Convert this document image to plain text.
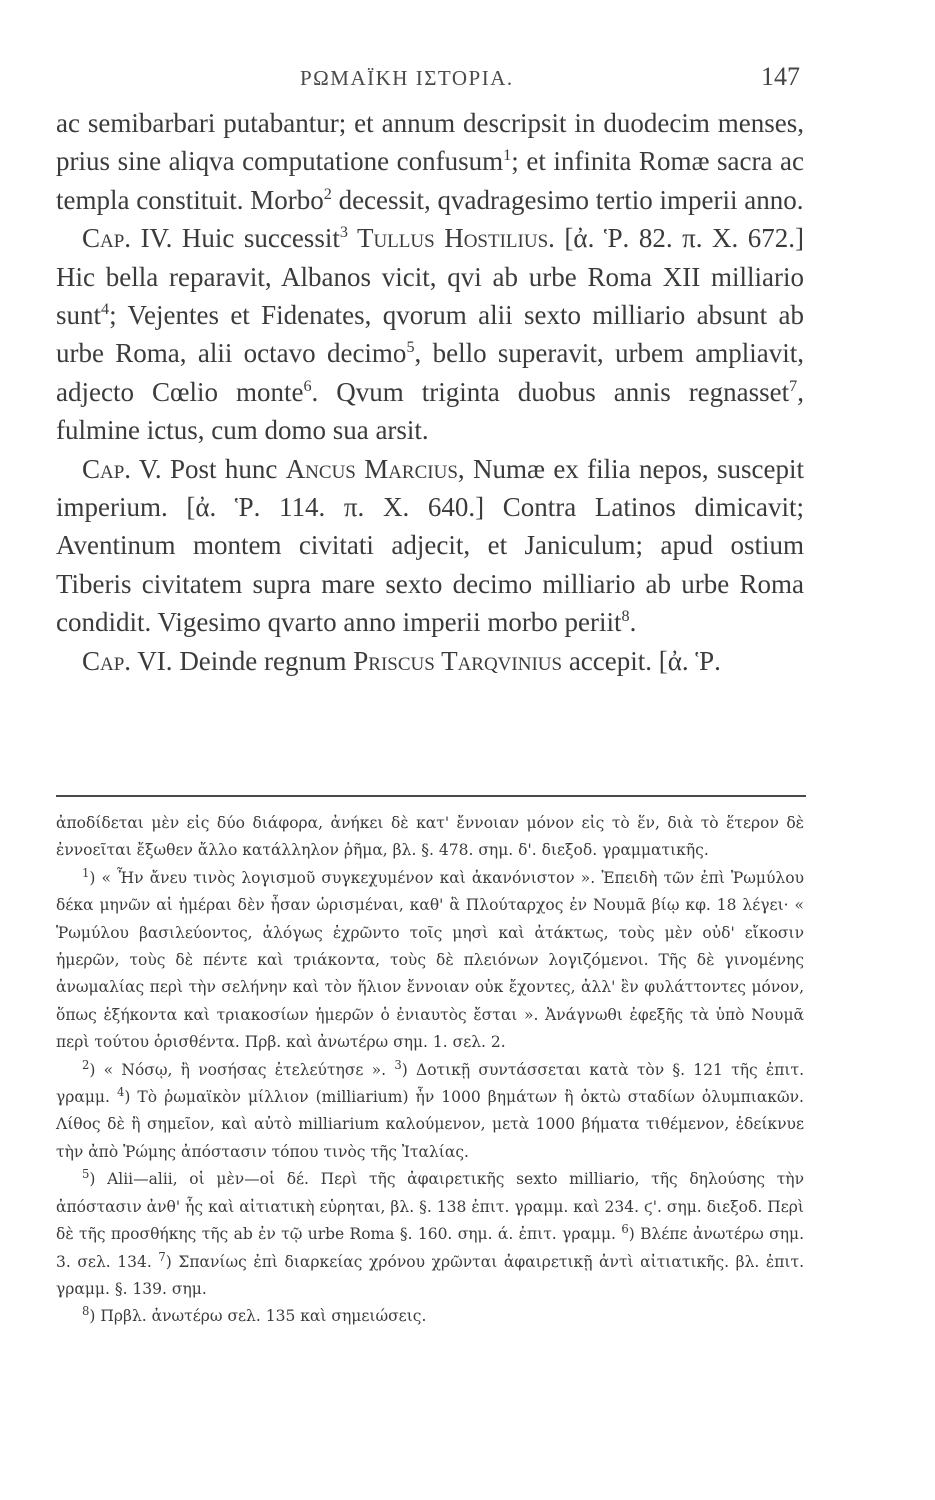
ΡΩΜΑΪΚΗ ΙΣΤΟΡΙΑ.	147

ac semibarbari putabantur; et annum descripsit in duodecim menses, prius sine aliqva computatione confusum$^1$; et infinita Romæ sacra ac templa constituit. Morbo$^2$ decessit, qvadragesimo tertio imperii anno.

Cap. IV. Huic successit$^3$ Tullus Hostilius. [ἀ. Ῥ. 82. π. Χ. 672.] Hic bella reparavit, Albanos vicit, qvi ab urbe Roma XII milliario sunt$^4$; Vejentes et Fidenates, qvorum alii sexto milliario absunt ab urbe Roma, alii octavo decimo$^5$, bello superavit, urbem ampliavit, adjecto Cœlio monte$^6$. Qvum triginta duobus annis regnasset$^7$, fulmine ictus, cum domo sua arsit.

Cap. V. Post hunc Ancus Marcius, Numæ ex filia nepos, suscepit imperium. [ἀ. Ῥ. 114. π. Χ. 640.] Contra Latinos dimicavit; Aventinum montem civitati adjecit, et Janiculum; apud ostium Tiberis civitatem supra mare sexto decimo milliario ab urbe Roma condidit. Vigesimo qvarto anno imperii morbo periit$^8$.

Cap. VI. Deinde regnum Priscus Tarqvinius accepit. [ἀ. Ῥ.

ἀποδίδεται μὲν εἰς δύο διάφορα, ἀνήκει δὲ κατ' ἔννοιαν μόνον εἰς τὸ ἕν, διὰ τὸ ἕτερον δὲ ἐννοεῖται ἔξωθεν ἄλλο κατάλληλον ῥῆμα, βλ. §. 478. σημ. δ'. διεξοδ. γραμματικῆς.

$^1$) « Ἦν ἄνευ τινὸς λογισμοῦ συγκεχυμένον καὶ ἀκανόνιστον ». Ἐπειδὴ τῶν ἐπὶ Ῥωμύλου δέκα μηνῶν αἱ ἡμέραι δὲν ἦσαν ὡρισμέναι, καθ' ἃ Πλούταρχος ἐν Νουμᾶ βίῳ κφ. 18 λέγει· « Ῥωμύλου βασιλεύοντος, ἀλόγως ἐχρῶντο τοῖς μησὶ καὶ ἀτάκτως, τοὺς μὲν οὐδ' εἴκοσιν ἡμερῶν, τοὺς δὲ πέντε καὶ τριάκοντα, τοὺς δὲ πλειόνων λογιζόμενοι. Τῆς δὲ γινομένης ἀνωμαλίας περὶ τὴν σελήνην καὶ τὸν ἥλιον ἔννοιαν οὐκ ἔχοντες, ἀλλ' ἓν φυλάττοντες μόνον, ὅπως ἑξήκοντα καὶ τριακοσίων ἡμερῶν ὁ ἐνιαυτὸς ἔσται ». Ἀνάγνωθι ἐφεξῆς τὰ ὑπὸ Νουμᾶ περὶ τούτου ὁρισθέντα. Πρβ. καὶ ἀνωτέρω σημ. 1. σελ. 2.

$^2$) « Νόσῳ, ἢ νοσήσας ἐτελεύτησε ». $^3$) Δοτικῇ συντάσσεται κατὰ τὸν §. 121 τῆς ἐπιτ. γραμμ. $^4$) Τὸ ῥωμαϊκὸν μίλλιον (milliarium) ἦν 1000 βημάτων ἢ ὀκτὼ σταδίων ὀλυμπιακῶν. Λίθος δὲ ἢ σημεῖον, καὶ αὐτὸ milliarium καλούμενον, μετὰ 1000 βήματα τιθέμενον, ἐδείκνυε τὴν ἀπὸ Ῥώμης ἀπόστασιν τόπου τινὸς τῆς Ἰταλίας.

$^5$) Alii—alii, οἱ μὲν—οἱ δέ. Περὶ τῆς ἀφαιρετικῆς sexto milliario, τῆς δηλούσης τὴν ἀπόστασιν ἀνθ' ἧς καὶ αἰτιατικὴ εὑρηται, βλ. §. 138 ἐπιτ. γραμμ. καὶ 234. ϛ'. σημ. διεξοδ. Περὶ δὲ τῆς προσθήκης τῆς ab ἐν τῷ urbe Roma §. 160. σημ. ά. ἐπιτ. γραμμ. $^6$) Βλέπε ἀνωτέρω σημ. 3. σελ. 134. $^7$) Σπανίως ἐπὶ διαρκείας χρόνου χρῶνται ἀφαιρετικῇ ἀντὶ αἰτιατικῆς. βλ. ἐπιτ. γραμμ. §. 139. σημ.

$^8$) Πρβλ. ἀνωτέρω σελ. 135 καὶ σημειώσεις.
